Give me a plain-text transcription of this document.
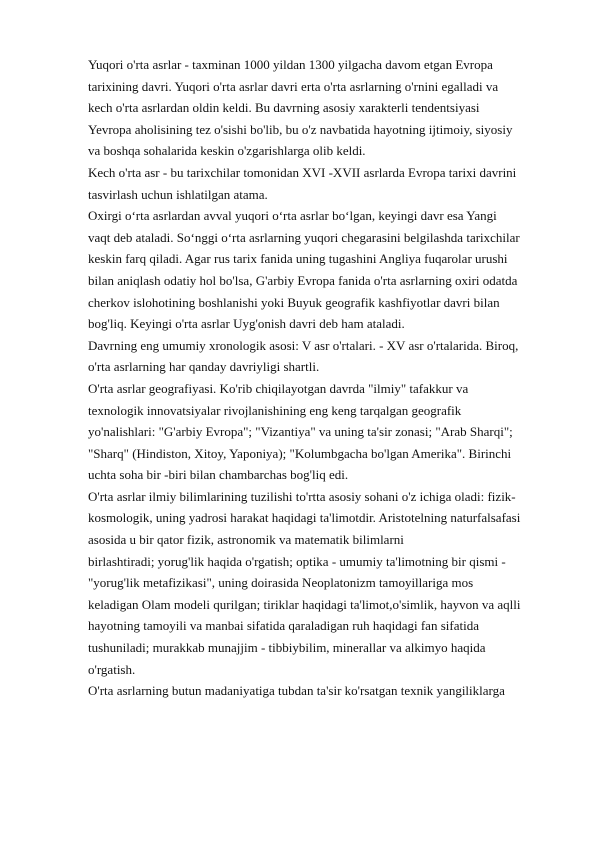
Yuqori o'rta asrlar - taxminan 1000 yildan 1300 yilgacha davom etgan Evropa
tarixining davri. Yuqori o'rta asrlar davri erta o'rta asrlarning o'rnini egalladi va
kech o'rta asrlardan oldin keldi. Bu davrning asosiy xarakterli tendentsiyasi
Yevropa aholisining tez o'sishi bo'lib, bu o'z navbatida hayotning ijtimoiy, siyosiy
va boshqa sohalarida keskin o'zgarishlarga olib keldi.
Kech o'rta asr - bu tarixchilar tomonidan XVI -XVII asrlarda Evropa tarixi davrini
tasvirlash uchun ishlatilgan atama.
Oxirgi o‘rta asrlardan avval yuqori o‘rta asrlar bo‘lgan, keyingi davr esa Yangi
vaqt deb ataladi. So‘nggi o‘rta asrlarning yuqori chegarasini belgilashda tarixchilar
keskin farq qiladi. Agar rus tarix fanida uning tugashini Angliya fuqarolar urushi
bilan aniqlash odatiy hol bo'lsa, G'arbiy Evropa fanida o'rta asrlarning oxiri odatda
cherkov islohotining boshlanishi yoki Buyuk geografik kashfiyotlar davri bilan
bog'liq. Keyingi o'rta asrlar Uyg'onish davri deb ham ataladi.
Davrning eng umumiy xronologik asosi: V asr o'rtalari. - XV asr o'rtalarida. Biroq,
o'rta asrlarning har qanday davriyligi shartli.
O'rta asrlar geografiyasi. Ko'rib chiqilayotgan davrda "ilmiy" tafakkur va
texnologik innovatsiyalar rivojlanishining eng keng tarqalgan geografik
yo'nalishlari: "G'arbiy Evropa"; "Vizantiya" va uning ta'sir zonasi; "Arab Sharqi";
"Sharq" (Hindiston, Xitoy, Yaponiya); "Kolumbgacha bo'lgan Amerika". Birinchi
uchta soha bir -biri bilan chambarchas bog'liq edi.
O'rta asrlar ilmiy bilimlarining tuzilishi to'rtta asosiy sohani o'z ichiga oladi: fizik-
kosmologik, uning yadrosi harakat haqidagi ta'limotdir. Aristotelning naturfalsafasi
asosida u bir qator fizik, astronomik va matematik bilimlarni
birlashtiradi; yorug'lik haqida o'rgatish; optika - umumiy ta'limotning bir qismi -
"yorug'lik metafizikasi", uning doirasida Neoplatonizm tamoyillariga mos
keladigan Olam modeli qurilgan; tiriklar haqidagi ta'limot,o'simlik, hayvon va aqlli
hayotning tamoyili va manbai sifatida qaraladigan ruh haqidagi fan sifatida
tushuniladi; murakkab munajjim - tibbiybilim, minerallar va alkimyo haqida
o'rgatish.
O'rta asrlarning butun madaniyatiga tubdan ta'sir ko'rsatgan texnik yangiliklarga
